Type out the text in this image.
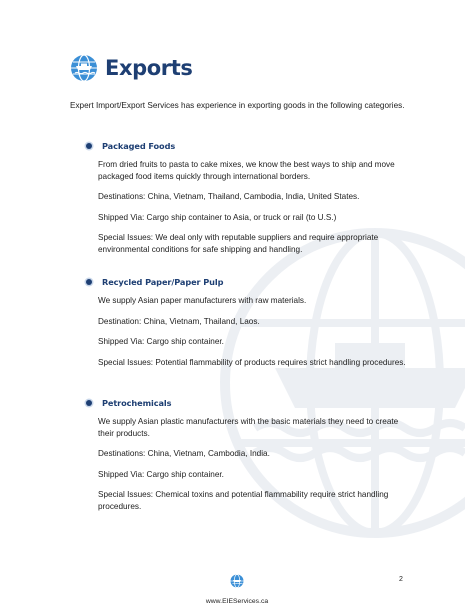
Exports
Expert Import/Export Services has experience in exporting goods in the following categories.
Packaged Foods
From dried fruits to pasta to cake mixes, we know the best ways to ship and move packaged food items quickly through international borders.
Destinations: China, Vietnam, Thailand, Cambodia, India, United States.
Shipped Via: Cargo ship container to Asia, or truck or rail (to U.S.)
Special Issues: We deal only with reputable suppliers and require appropriate environmental conditions for safe shipping and handling.
Recycled Paper/Paper Pulp
We supply Asian paper manufacturers with raw materials.
Destination: China, Vietnam, Thailand, Laos.
Shipped Via: Cargo ship container.
Special Issues: Potential flammability of products requires strict handling procedures.
Petrochemicals
We supply Asian plastic manufacturers with the basic materials they need to create their products.
Destinations: China, Vietnam, Cambodia, India.
Shipped Via: Cargo ship container.
Special Issues: Chemical toxins and potential flammability require strict handling procedures.
www.EIEServices.ca
2
